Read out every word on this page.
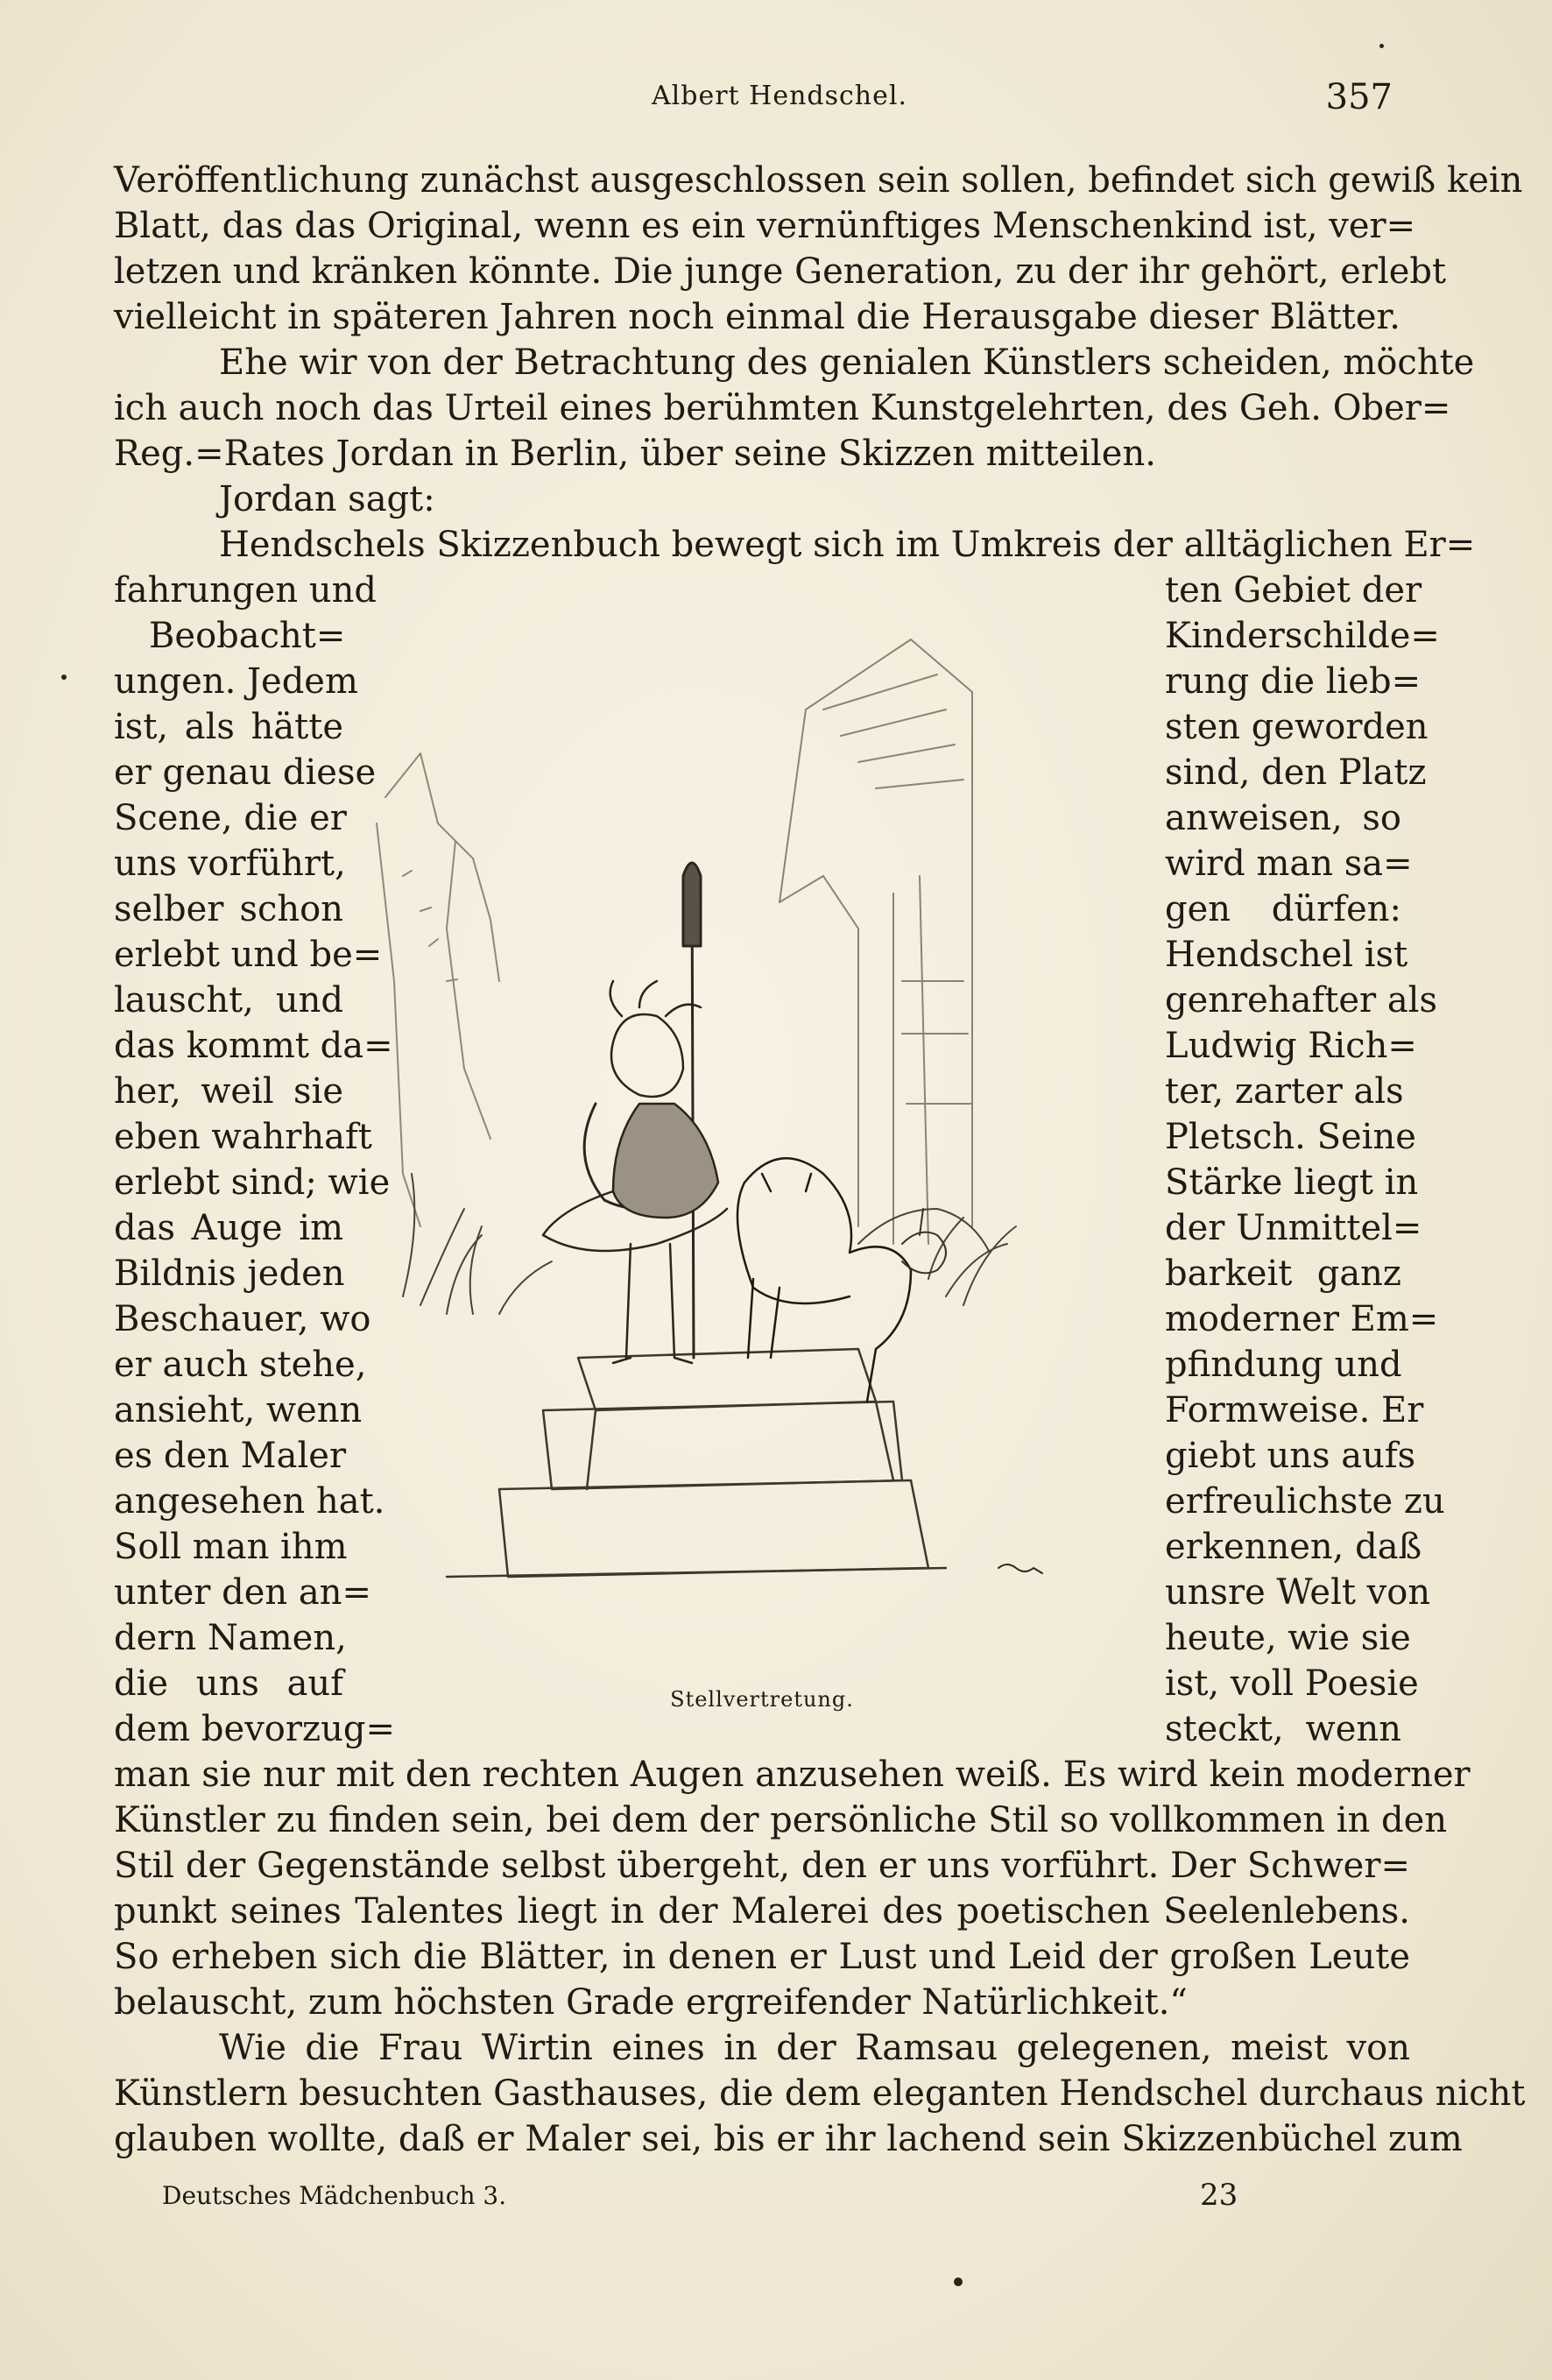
Albert Hendschel.	357
Veröffentlichung zunächst ausgeschlossen sein sollen, befindet sich gewiß kein
Blatt, das das Original, wenn es ein vernünftiges Menschenkind ist, ver=
letzen und kränken könnte. Die junge Generation, zu der ihr gehört, erlebt
vielleicht in späteren Jahren noch einmal die Herausgabe dieser Blätter.
Ehe wir von der Betrachtung des genialen Künstlers scheiden, möchte
ich auch noch das Urteil eines berühmten Kunstgelehrten, des Geh. Ober=
Reg.=Rates Jordan in Berlin, über seine Skizzen mitteilen.
Jordan sagt:
Hendschels Skizzenbuch bewegt sich im Umkreis der alltäglichen Er=
fahrungen und
Beobacht=
ungen. Jedem
ist, als hätte
er genau diese
Scene, die er
uns vorführt,
selber schon
erlebt und be=
lauscht, und
das kommt da=
her, weil sie
eben wahrhaft
erlebt sind; wie
das Auge im
Bildnis jeden
Beschauer, wo
er auch stehe,
ansieht, wenn
es den Maler
angesehen hat.
Soll man ihm
unter den an=
dern Namen,
die uns auf
dem bevorzug=
ten Gebiet der
Kinderschilde=
rung die lieb=
sten geworden
sind, den Platz
anweisen, so
wird man sa=
gen dürfen:
Hendschel ist
genrehafter als
Ludwig Rich=
ter, zarter als
Pletsch. Seine
Stärke liegt in
der Unmittel=
barkeit ganz
moderner Em=
pfindung und
Formweise. Er
giebt uns aufs
erfreulichste zu
erkennen, daß
unsre Welt von
heute, wie sie
ist, voll Poesie
steckt, wenn
Stellvertretung.
man sie nur mit den rechten Augen anzusehen weiß. Es wird kein moderner
Künstler zu finden sein, bei dem der persönliche Stil so vollkommen in den
Stil der Gegenstände selbst übergeht, den er uns vorführt. Der Schwer=
punkt seines Talentes liegt in der Malerei des poetischen Seelenlebens.
So erheben sich die Blätter, in denen er Lust und Leid der großen Leute
belauscht, zum höchsten Grade ergreifender Natürlichkeit.“
Wie die Frau Wirtin eines in der Ramsau gelegenen, meist von
Künstlern besuchten Gasthauses, die dem eleganten Hendschel durchaus nicht
glauben wollte, daß er Maler sei, bis er ihr lachend sein Skizzenbüchel zum
Deutsches Mädchenbuch 3.	23
